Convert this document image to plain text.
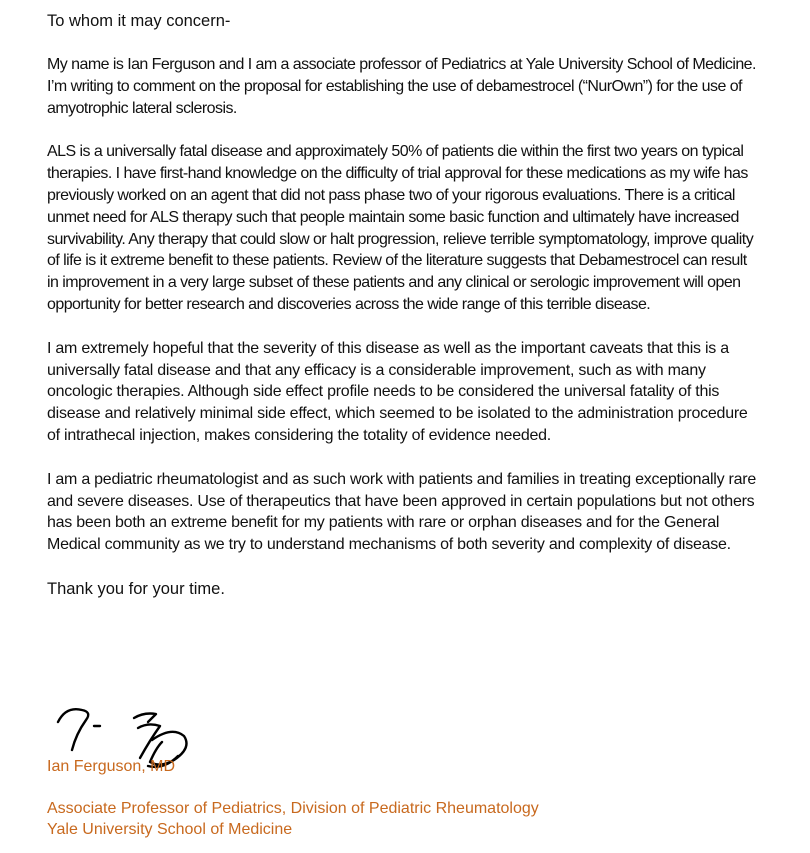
To whom it may concern-

My name is Ian Ferguson and I am a associate professor of Pediatrics at Yale University School of Medicine. I’m writing to comment on the proposal for establishing the use of debamestrocel (“NurOwn”) for the use of amyotrophic lateral sclerosis.

ALS is a universally fatal disease and approximately 50% of patients die within the first two years on typical therapies. I have first-hand knowledge on the difficulty of trial approval for these medications as my wife has previously worked on an agent that did not pass phase two of your rigorous evaluations. There is a critical unmet need for ALS therapy such that people maintain some basic function and ultimately have increased survivability. Any therapy that could slow or halt progression, relieve terrible symptomatology, improve quality of life is it extreme benefit to these patients. Review of the literature suggests that Debamestrocel can result in improvement in a very large subset of these patients and any clinical or serologic improvement will open opportunity for better research and discoveries across the wide range of this terrible disease.

I am extremely hopeful that the severity of this disease as well as the important caveats that this is a universally fatal disease and that any efficacy is a considerable improvement, such as with many oncologic therapies. Although side effect profile needs to be considered the universal fatality of this disease and relatively minimal side effect, which seemed to be isolated to the administration procedure of intrathecal injection, makes considering the totality of evidence needed.

I am a pediatric rheumatologist and as such work with patients and families in treating exceptionally rare and severe diseases. Use of therapeutics that have been approved in certain populations but not others has been both an extreme benefit for my patients with rare or orphan diseases and for the General Medical community as we try to understand mechanisms of both severity and complexity of disease.

Thank you for your time.

Ian Ferguson, MD
Associate Professor of Pediatrics, Division of Pediatric Rheumatology
Yale University School of Medicine
